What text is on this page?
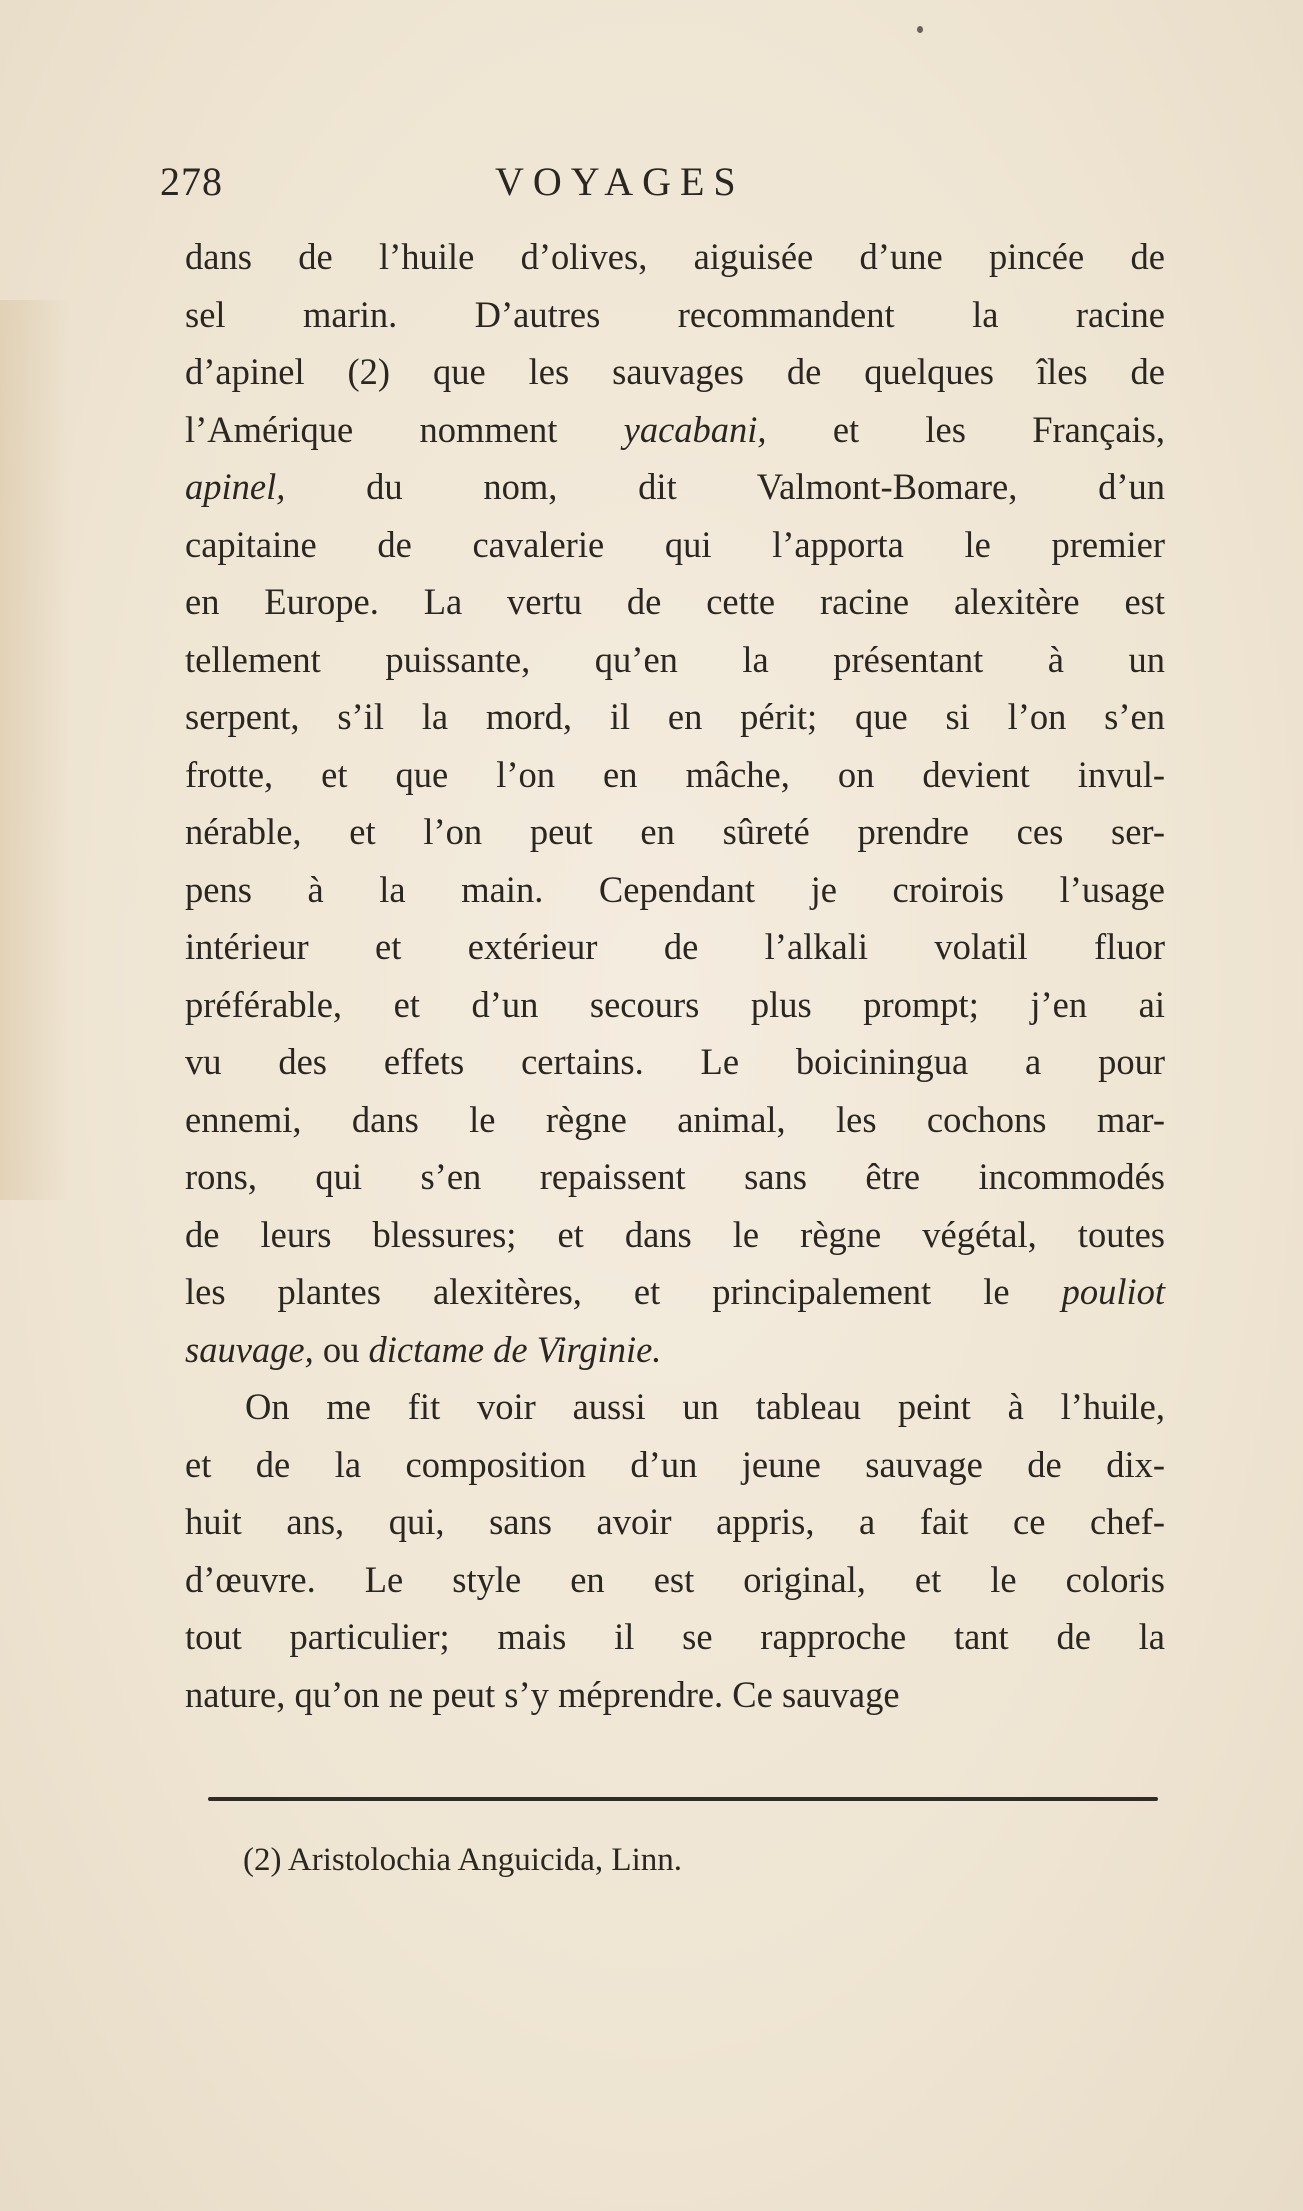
278	VOYAGES
dans de l’huile d’olives, aiguisée d’une pincée de
sel marin. D’autres recommandent la racine
d’apinel (2) que les sauvages de quelques îles de
l’Amérique nomment yacabani, et les Français,
apinel, du nom, dit Valmont-Bomare, d’un
capitaine de cavalerie qui l’apporta le premier
en Europe. La vertu de cette racine alexitère est
tellement puissante, qu’en la présentant à un
serpent, s’il la mord, il en périt; que si l’on s’en
frotte, et que l’on en mâche, on devient invul-
nérable, et l’on peut en sûreté prendre ces ser-
pens à la main. Cependant je croirois l’usage
intérieur et extérieur de l’alkali volatil fluor
préférable, et d’un secours plus prompt; j’en ai
vu des effets certains. Le boiciningua a pour
ennemi, dans le règne animal, les cochons mar-
rons, qui s’en repaissent sans être incommodés
de leurs blessures; et dans le règne végétal, toutes
les plantes alexitères, et principalement le pouliot
sauvage, ou dictame de Virginie.
On me fit voir aussi un tableau peint à l’huile,
et de la composition d’un jeune sauvage de dix-
huit ans, qui, sans avoir appris, a fait ce chef-
d’œuvre. Le style en est original, et le coloris
tout particulier; mais il se rapproche tant de la
nature, qu’on ne peut s’y méprendre. Ce sauvage
(2) Aristolochia Anguicida, Linn.
